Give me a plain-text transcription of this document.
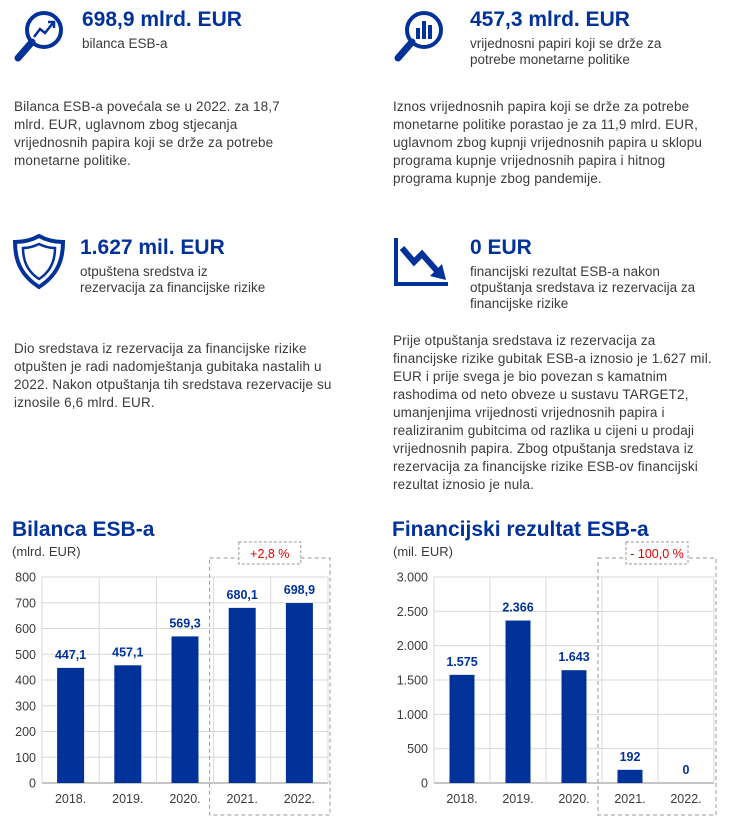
698,9 mlrd. EUR
bilanca ESB-a
Bilanca ESB-a povećala se u 2022. za 18,7 mlrd. EUR, uglavnom zbog stjecanja vrijednosnih papira koji se drže za potrebe monetarne politike.
457,3 mlrd. EUR
vrijednosni papiri koji se drže za potrebe monetarne politike
Iznos vrijednosnih papira koji se drže za potrebe monetarne politike porastao je za 11,9 mlrd. EUR, uglavnom zbog kupnji vrijednosnih papira u sklopu programa kupnje vrijednosnih papira i hitnog programa kupnje zbog pandemije.
1.627 mil. EUR
otpuštena sredstva iz rezervacija za financijske rizike
Dio sredstava iz rezervacija za financijske rizike otpušten je radi nadomještanja gubitaka nastalih u 2022. Nakon otpuštanja tih sredstava rezervacije su iznosile 6,6 mlrd. EUR.
0 EUR
financijski rezultat ESB-a nakon otpuštanja sredstava iz rezervacija za financijske rizike
Prije otpuštanja sredstava iz rezervacija za financijske rizike gubitak ESB-a iznosio je 1.627 mil. EUR i prije svega je bio povezan s kamatnim rashodima od neto obveze u sustavu TARGET2, umanjenjima vrijednosti vrijednosnih papira i realiziranim gubitcima od razlika u cijeni u prodaji vrijednosnih papira. Zbog otpuštanja sredstava iz rezervacija za financijske rizike ESB-ov financijski rezultat iznosio je nula.
Bilanca ESB-a
(mlrd. EUR)
0
100
200
300
400
500
600
700
800
+2,8 %
447,1
2018.
457,1
2019.
569,3
2020.
680,1
2021.
698,9
2022.
Financijski rezultat ESB-a
(mil. EUR)
0
500
1.000
1.500
2.000
2.500
3.000
- 100,0 %
1.575
2018.
2.366
2019.
1.643
2020.
192
2021.
0
2022.
